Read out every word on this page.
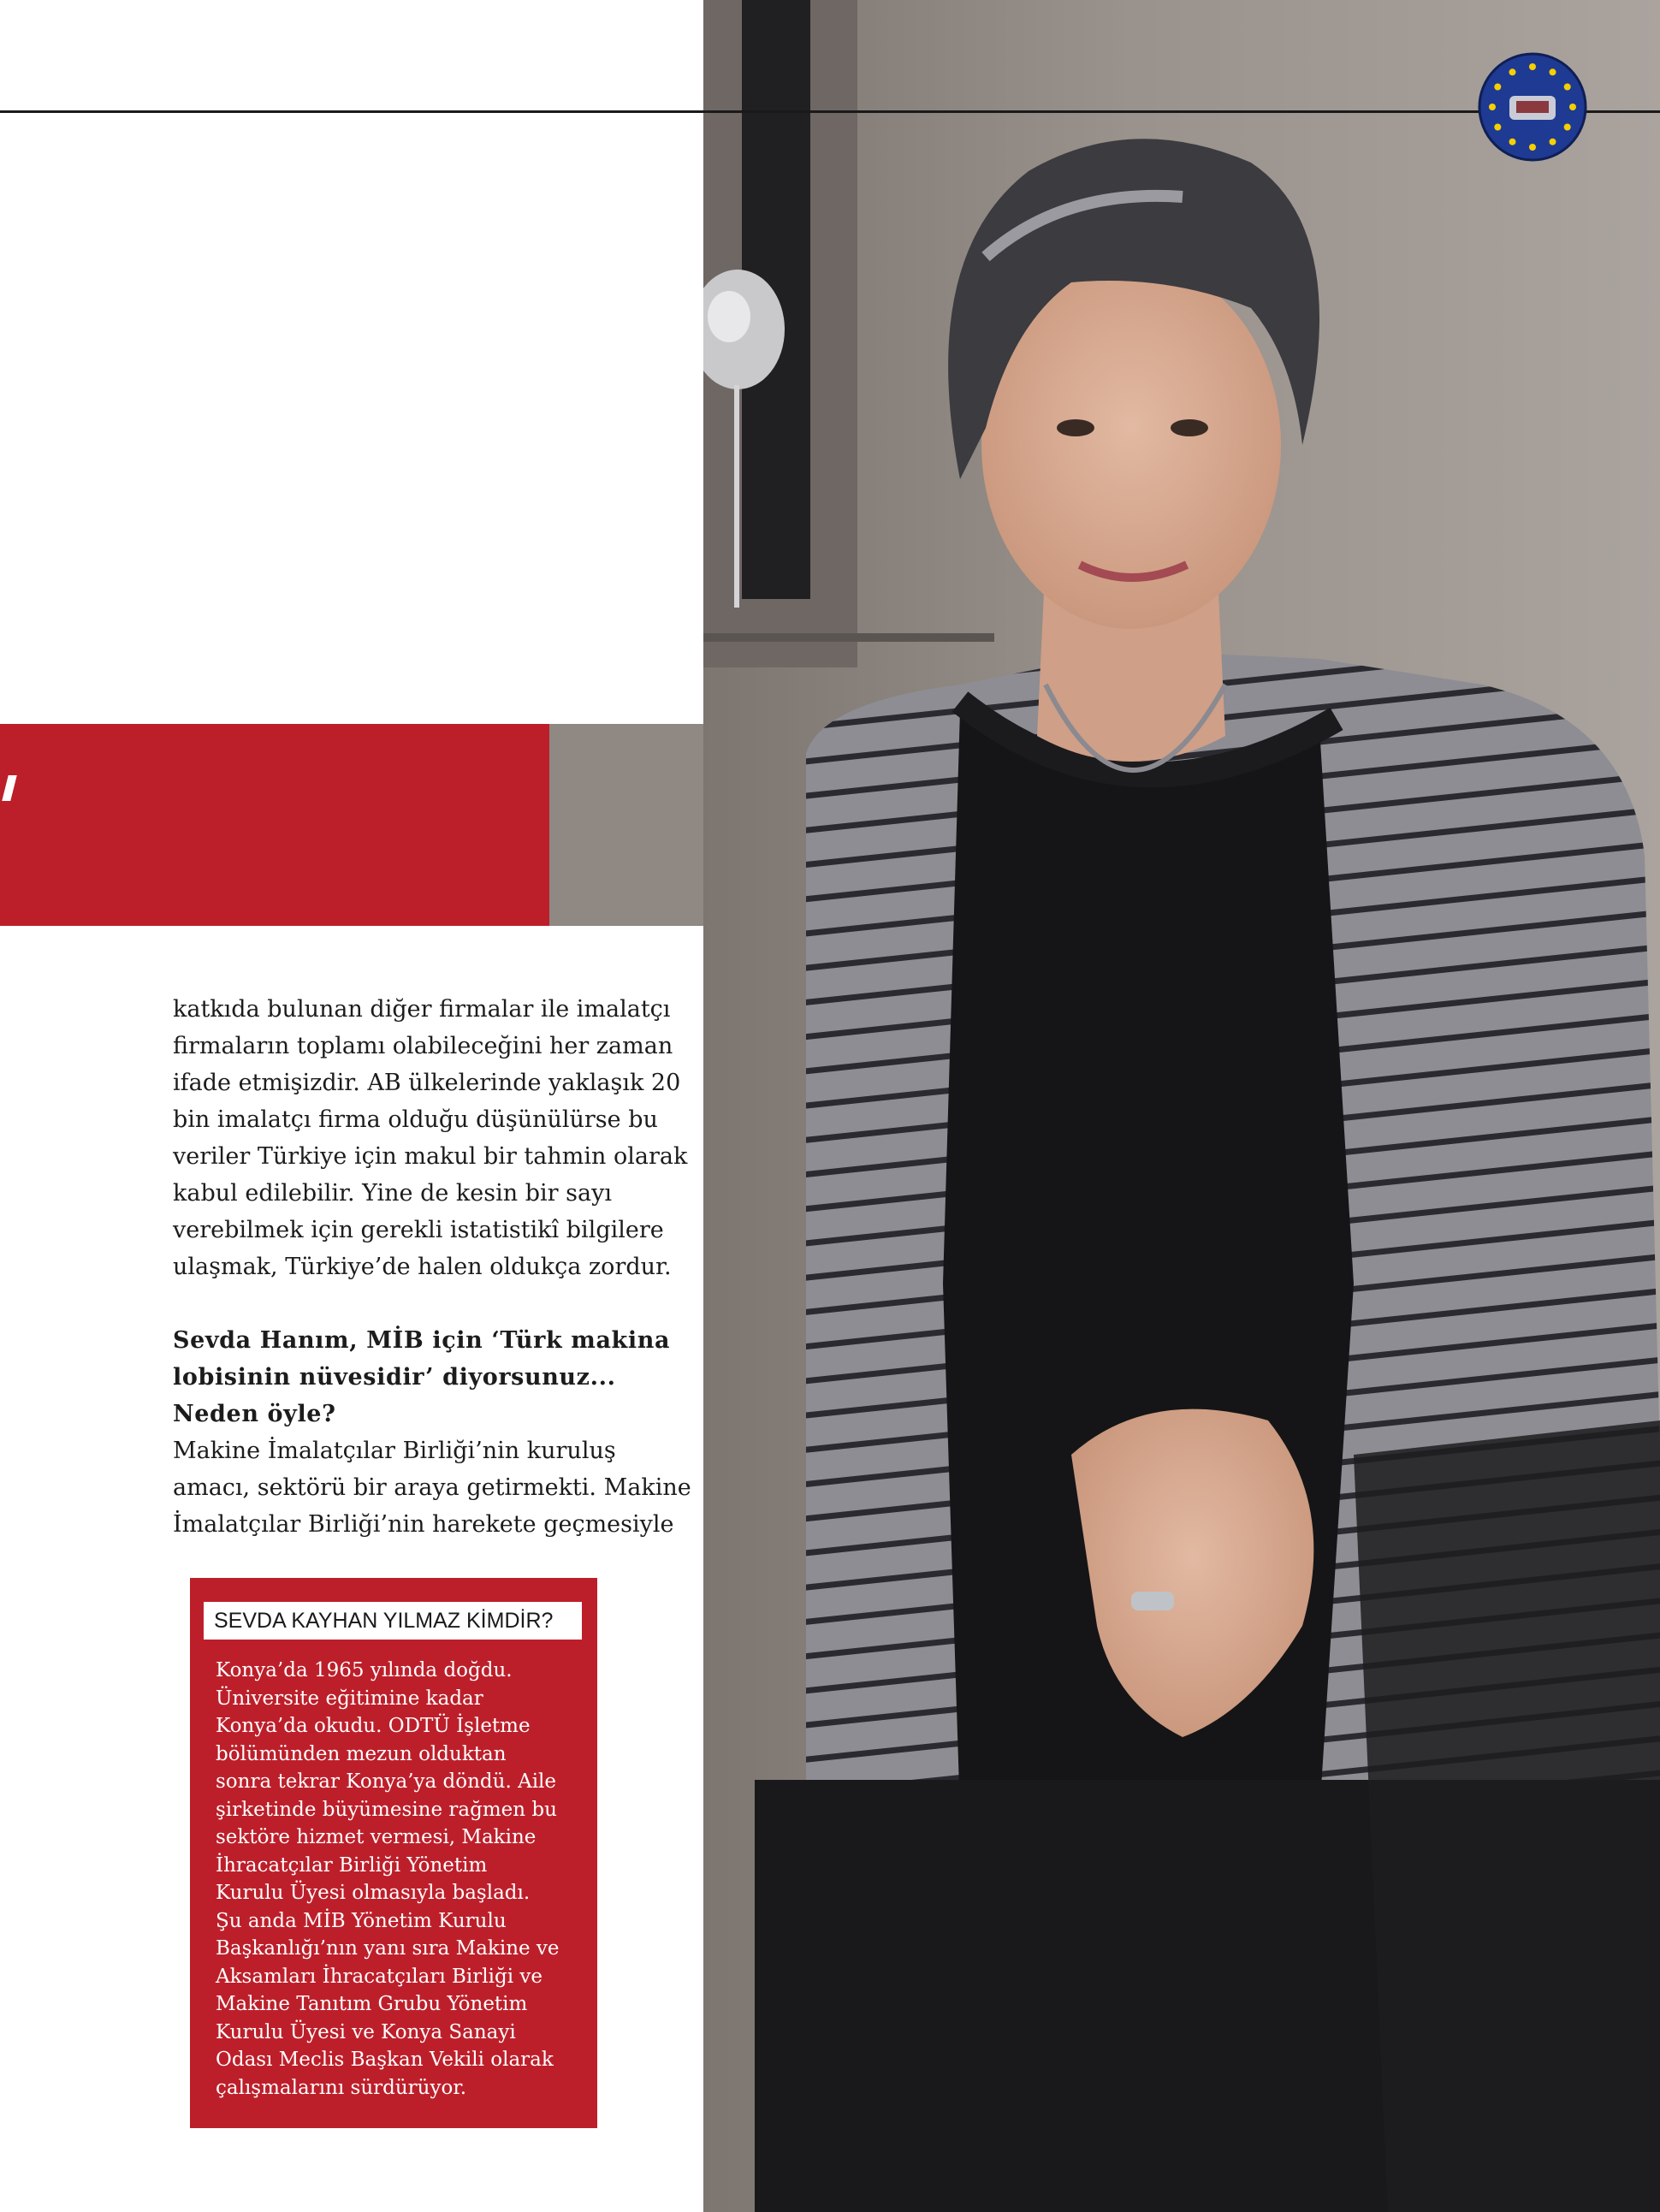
katkıda bulunan diğer firmalar ile imalatçı
firmaların toplamı olabileceğini her zaman
ifade etmişizdir. AB ülkelerinde yaklaşık 20
bin imalatçı firma olduğu düşünülürse bu
veriler Türkiye için makul bir tahmin olarak
kabul edilebilir. Yine de kesin bir sayı
verebilmek için gerekli istatistikî bilgilere
ulaşmak, Türkiye’de halen oldukça zordur.

Sevda Hanım, MİB için ‘Türk makina
lobisinin nüvesidir’ diyorsunuz...
Neden öyle?

Makine İmalatçılar Birliği’nin kuruluş
amacı, sektörü bir araya getirmekti. Makine
İmalatçılar Birliği’nin harekete geçmesiyle

SEVDA KAYHAN YILMAZ KİMDİR?
Konya’da 1965 yılında doğdu.
Üniversite eğitimine kadar
Konya’da okudu. ODTÜ İşletme
bölümünden mezun olduktan
sonra tekrar Konya’ya döndü. Aile
şirketinde büyümesine rağmen bu
sektöre hizmet vermesi, Makine
İhracatçılar Birliği Yönetim
Kurulu Üyesi olmasıyla başladı.
Şu anda MİB Yönetim Kurulu
Başkanlığı’nın yanı sıra Makine ve
Aksamları İhracatçıları Birliği ve
Makine Tanıtım Grubu Yönetim
Kurulu Üyesi ve Konya Sanayi
Odası Meclis Başkan Vekili olarak
çalışmalarını sürdürüyor.
